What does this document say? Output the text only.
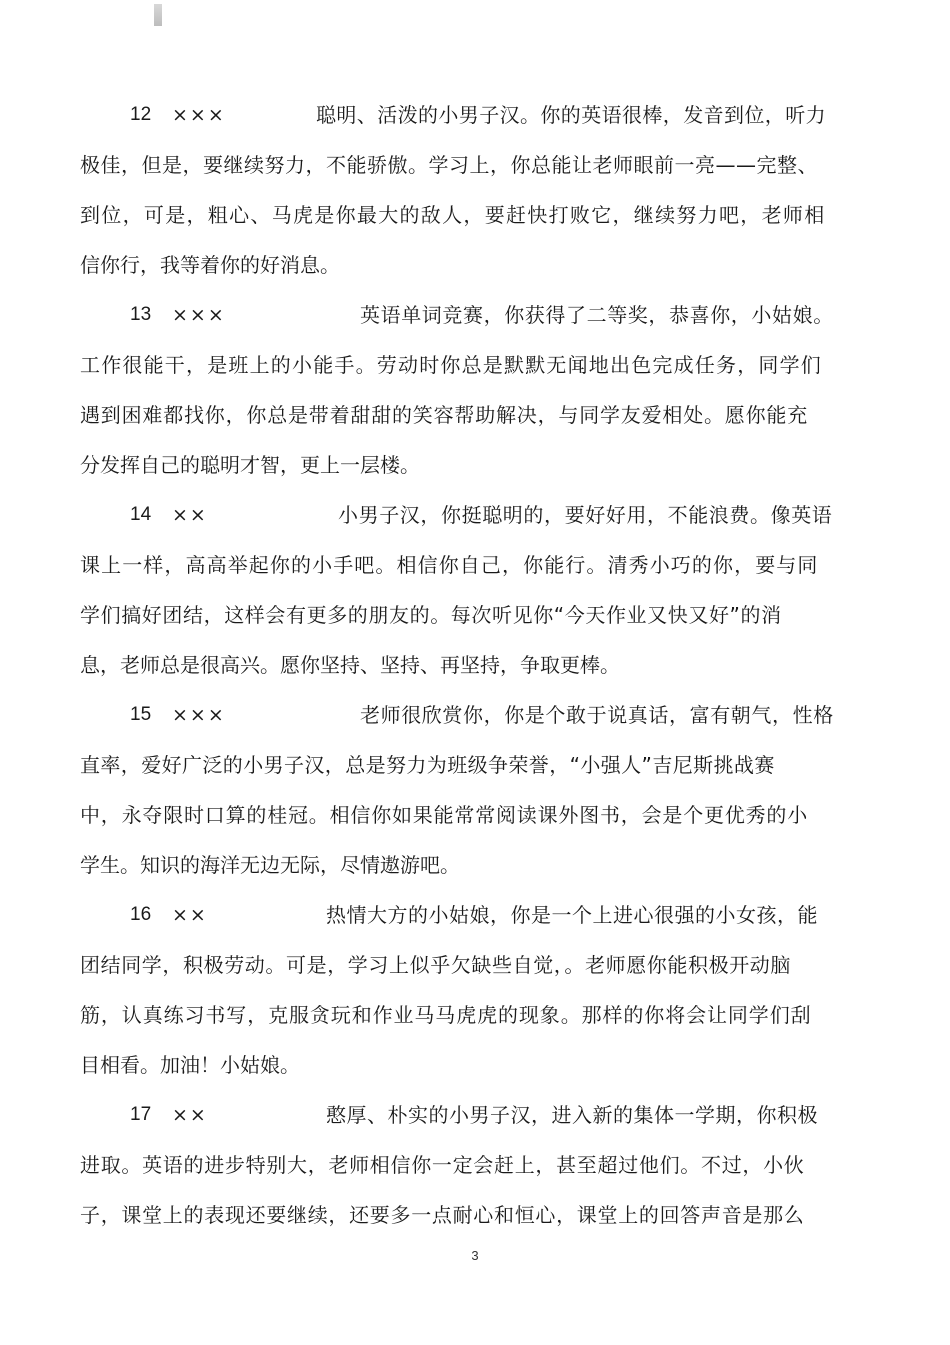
12 ×××	聪明、活泼的小男子汉。你的英语很棒，发音到位，听力
极佳，但是，要继续努力，不能骄傲。学习上，你总能让老师眼前一亮——完整、
到位，可是，粗心、马虎是你最大的敌人，要赶快打败它，继续努力吧，老师相
信你行，我等着你的好消息。
13 ×××	英语单词竞赛，你获得了二等奖，恭喜你，小姑娘。
工作很能干，是班上的小能手。劳动时你总是默默无闻地出色完成任务，同学们
遇到困难都找你，你总是带着甜甜的笑容帮助解决，与同学友爱相处。愿你能充
分发挥自己的聪明才智，更上一层楼。
14 ××	小男子汉，你挺聪明的，要好好用，不能浪费。像英语
课上一样，高高举起你的小手吧。相信你自己，你能行。清秀小巧的你，要与同
学们搞好团结，这样会有更多的朋友的。每次听见你“今天作业又快又好”的消
息，老师总是很高兴。愿你坚持、坚持、再坚持，争取更棒。
15 ×××	老师很欣赏你，你是个敢于说真话，富有朝气，性格
直率，爱好广泛的小男子汉，总是努力为班级争荣誉，“小强人”吉尼斯挑战赛
中，永夺限时口算的桂冠。相信你如果能常常阅读课外图书，会是个更优秀的小
学生。知识的海洋无边无际，尽情遨游吧。
16 ××	热情大方的小姑娘，你是一个上进心很强的小女孩，能
团结同学，积极劳动。可是，学习上似乎欠缺些自觉，。老师愿你能积极开动脑
筋，认真练习书写，克服贪玩和作业马马虎虎的现象。那样的你将会让同学们刮
目相看。加油！小姑娘。
17 ××	憨厚、朴实的小男子汉，进入新的集体一学期，你积极
进取。英语的进步特别大，老师相信你一定会赶上，甚至超过他们。不过，小伙
子，课堂上的表现还要继续，还要多一点耐心和恒心，课堂上的回答声音是那么
3
